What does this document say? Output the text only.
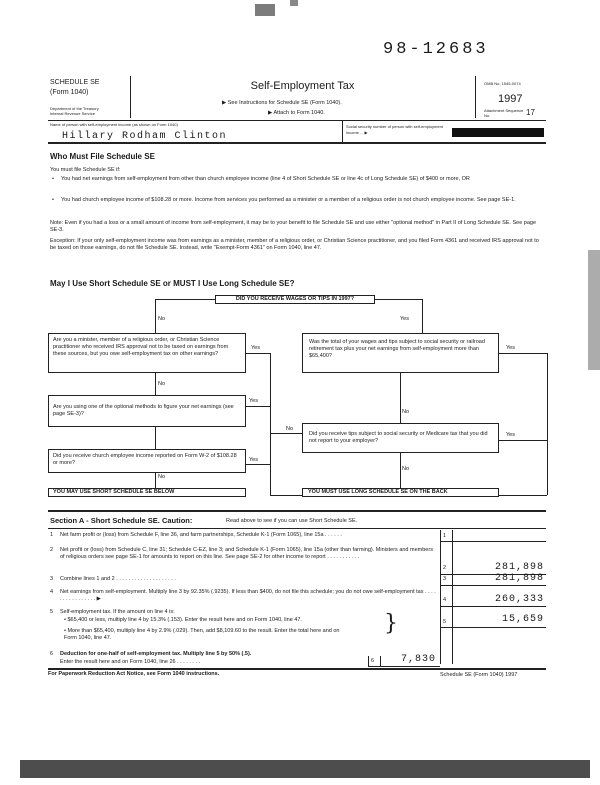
98-12683
SCHEDULE SE
(Form 1040)
Department of the Treasury
Internal Revenue Service
Self-Employment Tax
▶ See Instructions for Schedule SE (Form 1040).
▶ Attach to Form 1040.
OMB No. 1545-0074
1997
Attachment Sequence No.	17
Name of person with self-employment income (as shown on Form 1040)
Hillary Rodham Clinton
Social security number of person with self-employment income . . ▶
Who Must File Schedule SE
You must file Schedule SE if:
• You had net earnings from self-employment from other than church employee income (line 4 of Short Schedule SE or line 4c of Long Schedule SE) of $400 or more, OR
• You had church employee income of $108.28 or more. Income from services you performed as a minister or a member of a religious order is not church employee income. See page SE-1.
Note: Even if you had a loss or a small amount of income from self-employment, it may be to your benefit to file Schedule SE and use either "optional method" in Part II of Long Schedule SE. See page SE-3.
Exception: If your only self-employment income was from earnings as a minister, member of a religious order, or Christian Science practitioner, and you filed Form 4361 and received IRS approval not to be taxed on those earnings, do not file Schedule SE. Instead, write "Exempt-Form 4361" on Form 1040, line 47.
May I Use Short Schedule SE or MUST I Use Long Schedule SE?
DID YOU RECEIVE WAGES OR TIPS IN 1997?
No	Yes
Are you a minister, member of a religious order, or Christian Science practitioner who received IRS approval not to be taxed on earnings from these sources, but you owe self-employment tax on other earnings?
Yes
Was the total of your wages and tips subject to social security or railroad retirement tax plus your net earnings from self-employment more than $65,400?
Yes
No
Are you using one of the optional methods to figure your net earnings (see page SE-3)?
Yes
No
No
Did you receive tips subject to social security or Medicare tax that you did not report to your employer?
Yes
Did you receive church employee income reported on Form W-2 of $108.28 or more?	Yes
No
No
YOU MAY USE SHORT SCHEDULE SE BELOW	YOU MUST USE LONG SCHEDULE SE ON THE BACK
Section A - Short Schedule SE. Caution:	Read above to see if you can use Short Schedule SE.
1 Net farm profit or (loss) from Schedule F, line 36, and farm partnerships, Schedule K-1 (Form 1065), line 15a . . . . . .	1
2 Net profit or (loss) from Schedule C, line 31; Schedule C-EZ, line 3; and Schedule K-1 (Form 1065), line 15a (other than farming). Ministers and members of religious orders see page SE-1 for amounts to report on this line. See page SE-2 for other income to report . . . . . . . . . . .
2	281,898
3 Combine lines 1 and 2 . . . . . . . . . . . . . . . . . . . .	3	281,898
4 Net earnings from self-employment. Multiply line 3 by 92.35% (.9235). If less than $400, do not file this schedule; you do not owe self-employment tax . . . . . . . . . . . . . . . . ▶	4	260,333
5 Self-employment tax. If the amount on line 4 is:
• $65,400 or less, multiply line 4 by 15.3% (.153). Enter the result here and on Form 1040, line 47.
• More than $65,400, multiply line 4 by 2.9% (.029). Then, add $8,109.60 to the result. Enter the total here and on Form 1040, line 47.
}	5	15,659
6 Deduction for one-half of self-employment tax. Multiply line 5 by 50% (.5).
Enter the result here and on Form 1040, line 26 . . . . . . . .	6	7,830
For Paperwork Reduction Act Notice, see Form 1040 instructions.	Schedule SE (Form 1040) 1997
